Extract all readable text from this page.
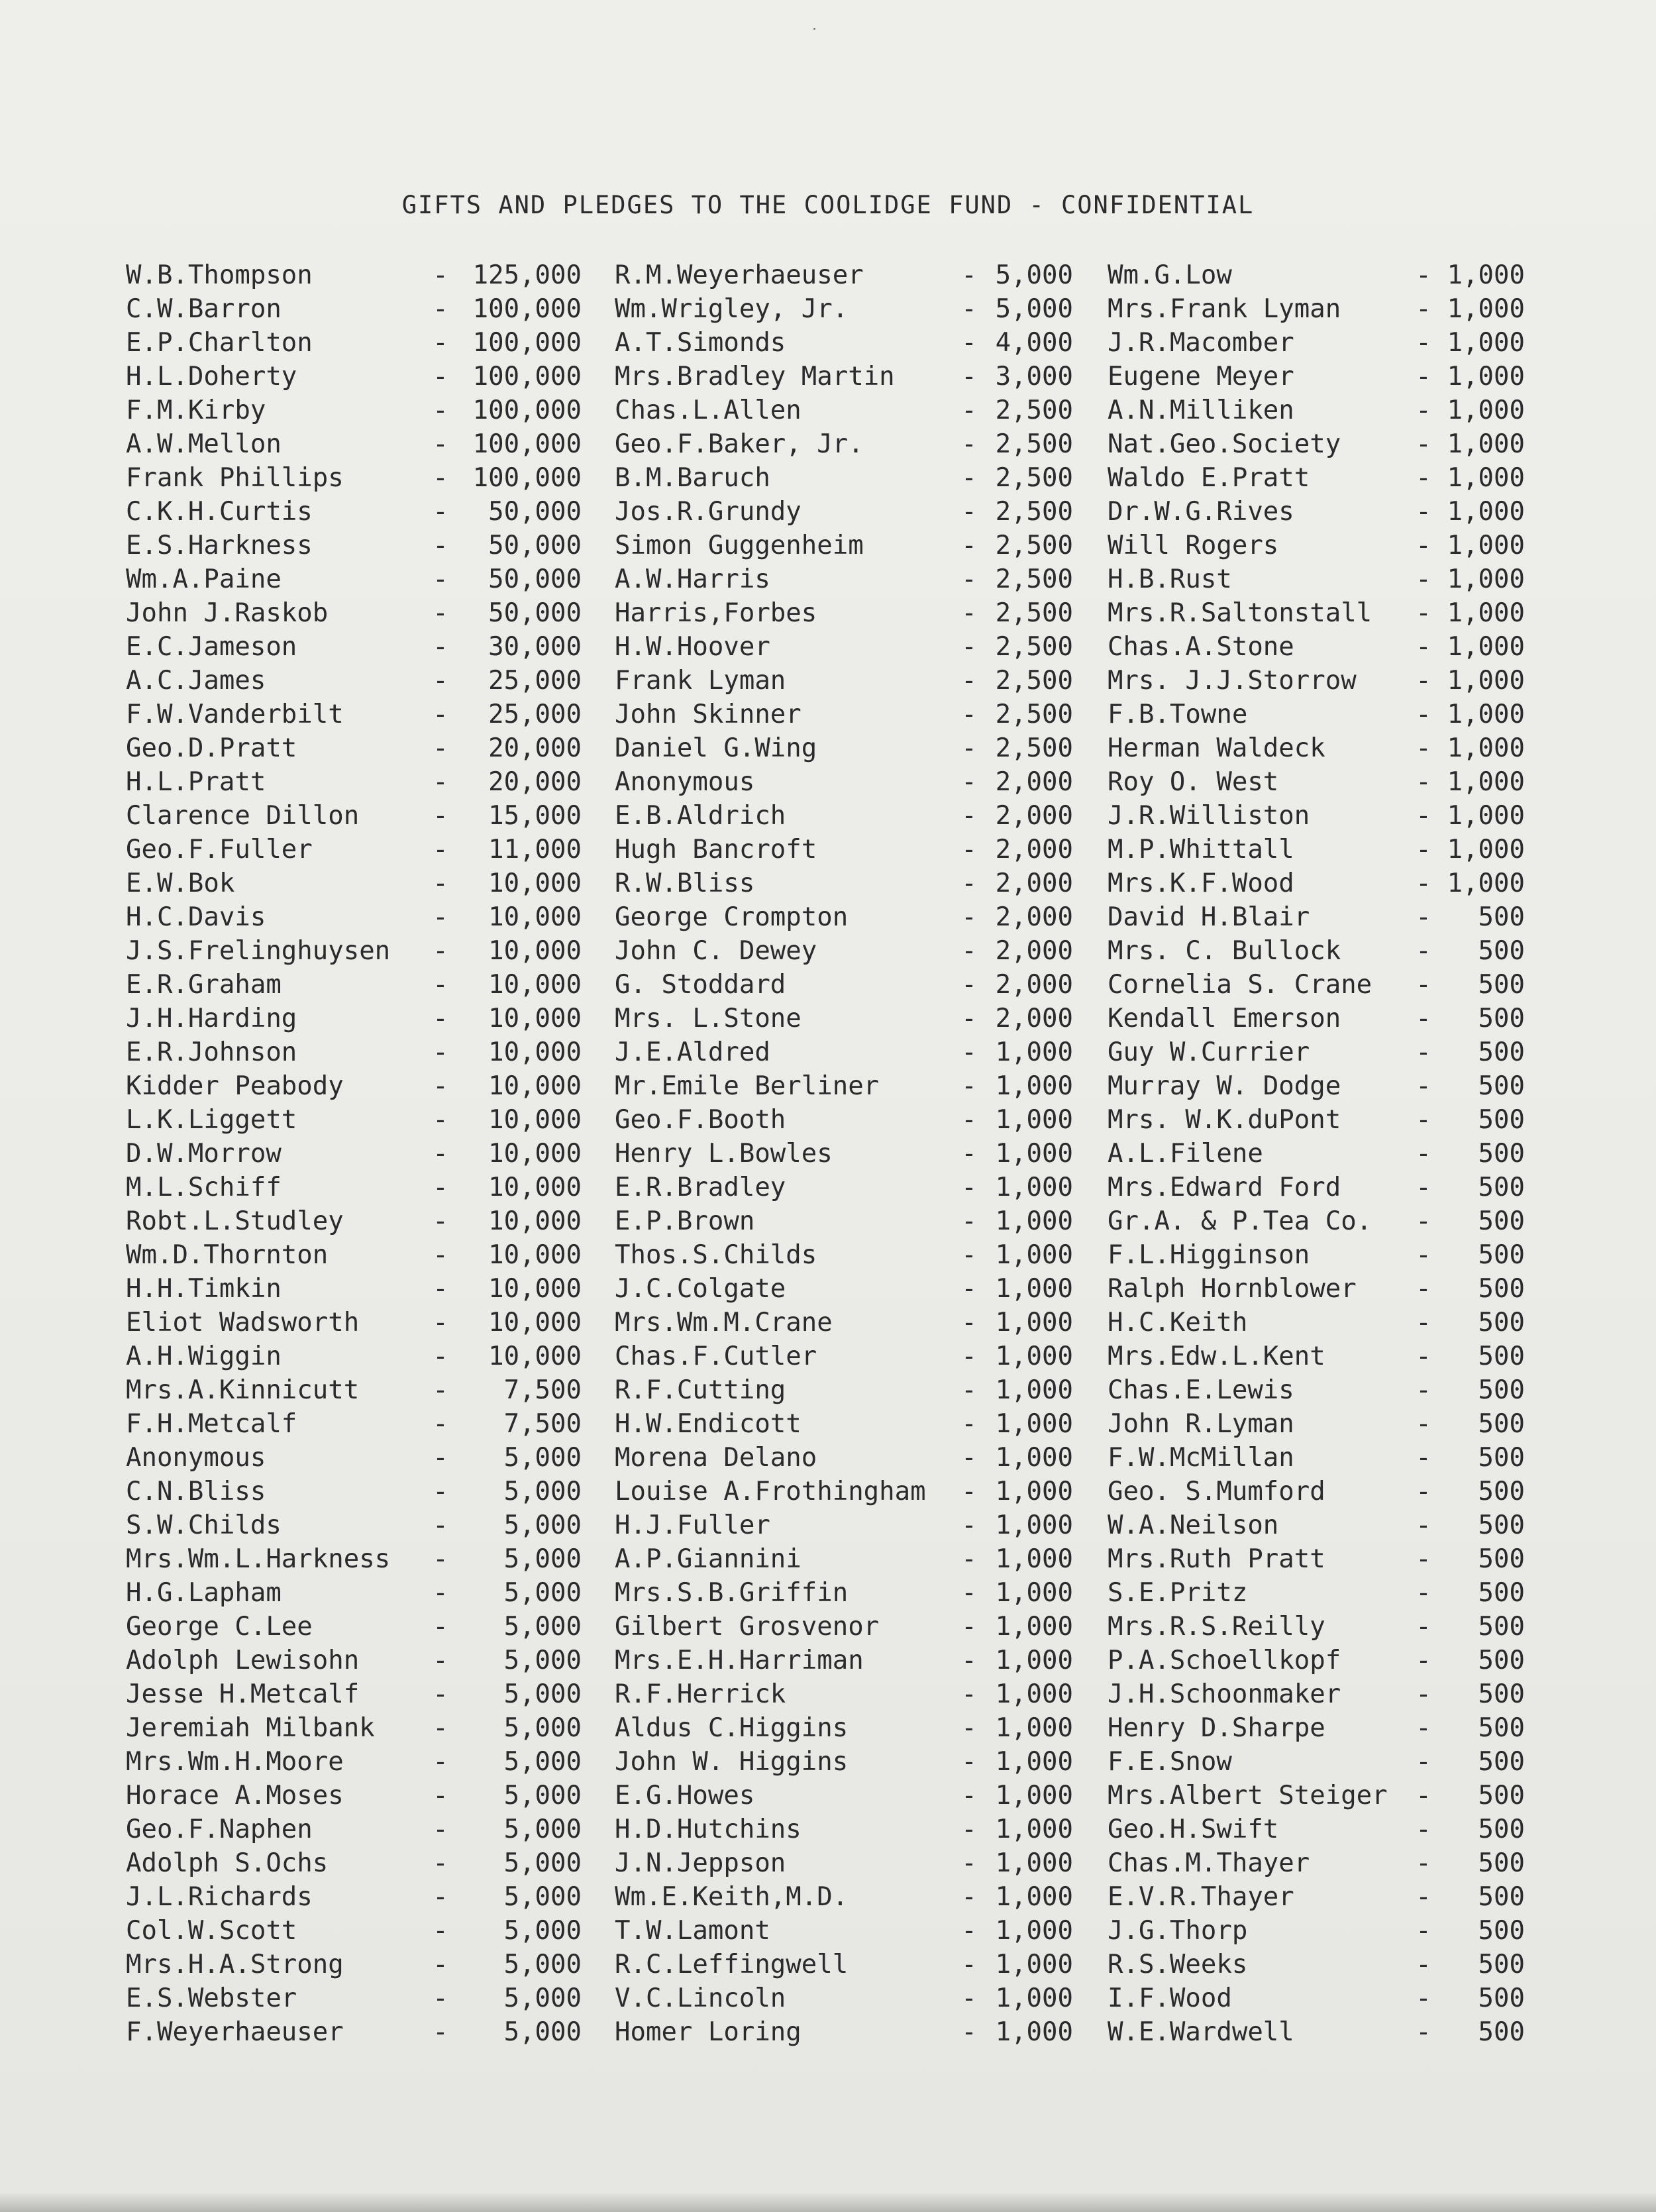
GIFTS AND PLEDGES TO THE COOLIDGE FUND - CONFIDENTIAL
W.B.Thompson	- 125,000
C.W.Barron	- 100,000
E.P.Charlton	- 100,000
H.L.Doherty	- 100,000
F.M.Kirby	- 100,000
A.W.Mellon	- 100,000
Frank Phillips	- 100,000
C.K.H.Curtis	-	50,000
E.S.Harkness	-	50,000
Wm.A.Paine	-	50,000
John J.Raskob	-	50,000
E.C.Jameson	-	30,000
A.C.James	-	25,000
F.W.Vanderbilt	-	25,000
Geo.D.Pratt	-	20,000
H.L.Pratt	-	20,000
Clarence Dillon	-	15,000
Geo.F.Fuller	-	11,000
E.W.Bok	-	10,000
H.C.Davis	-	10,000
J.S.Frelinghuysen -	10,000
E.R.Graham	-	10,000
J.H.Harding	-	10,000
E.R.Johnson	-	10,000
Kidder Peabody	-	10,000
L.K.Liggett	-	10,000
D.W.Morrow	-	10,000
M.L.Schiff	-	10,000
Robt.L.Studley	-	10,000
Wm.D.Thornton	-	10,000
H.H.Timkin	-	10,000
Eliot Wadsworth	-	10,000
A.H.Wiggin	-	10,000
Mrs.A.Kinnicutt	-	7,500
F.H.Metcalf	-	7,500
Anonymous	-	5,000
C.N.Bliss	-	5,000
S.W.Childs	-	5,000
Mrs.Wm.L.Harkness -	5,000
H.G.Lapham	-	5,000
George C.Lee	-	5,000
Adolph Lewisohn	-	5,000
Jesse H.Metcalf	-	5,000
Jeremiah Milbank -	5,000
Mrs.Wm.H.Moore	-	5,000
Horace A.Moses	-	5,000
Geo.F.Naphen	-	5,000
Adolph S.Ochs	-	5,000
J.L.Richards	-	5,000
Col.W.Scott	-	5,000
Mrs.H.A.Strong	-	5,000
E.S.Webster	-	5,000
F.Weyerhaeuser	-	5,000
R.M.Weyerhaeuser	- 5,000
Wm.Wrigley, Jr.	- 5,000
A.T.Simonds	- 4,000
Mrs.Bradley Martin	- 3,000
Chas.L.Allen	- 2,500
Geo.F.Baker, Jr.	- 2,500
B.M.Baruch	- 2,500
Jos.R.Grundy	- 2,500
Simon Guggenheim	- 2,500
A.W.Harris	- 2,500
Harris,Forbes	- 2,500
H.W.Hoover	- 2,500
Frank Lyman	- 2,500
John Skinner	- 2,500
Daniel G.Wing	- 2,500
Anonymous	- 2,000
E.B.Aldrich	- 2,000
Hugh Bancroft	- 2,000
R.W.Bliss	- 2,000
George Crompton	- 2,000
John C. Dewey	- 2,000
G. Stoddard	- 2,000
Mrs. L.Stone	- 2,000
J.E.Aldred	- 1,000
Mr.Emile Berliner	- 1,000
Geo.F.Booth	- 1,000
Henry L.Bowles	- 1,000
E.R.Bradley	- 1,000
E.P.Brown	- 1,000
Thos.S.Childs	- 1,000
J.C.Colgate	- 1,000
Mrs.Wm.M.Crane	- 1,000
Chas.F.Cutler	- 1,000
R.F.Cutting	- 1,000
H.W.Endicott	- 1,000
Morena Delano	- 1,000
Louise A.Frothingham - 1,000
H.J.Fuller	- 1,000
A.P.Giannini	- 1,000
Mrs.S.B.Griffin	- 1,000
Gilbert Grosvenor	- 1,000
Mrs.E.H.Harriman	- 1,000
R.F.Herrick	- 1,000
Aldus C.Higgins	- 1,000
John W. Higgins	- 1,000
E.G.Howes	- 1,000
H.D.Hutchins	- 1,000
J.N.Jeppson	- 1,000
Wm.E.Keith,M.D.	- 1,000
T.W.Lamont	- 1,000
R.C.Leffingwell	- 1,000
V.C.Lincoln	- 1,000
Homer Loring	- 1,000
Wm.G.Low	- 1,000
Mrs.Frank Lyman	- 1,000
J.R.Macomber	- 1,000
Eugene Meyer	- 1,000
A.N.Milliken	- 1,000
Nat.Geo.Society	- 1,000
Waldo E.Pratt	- 1,000
Dr.W.G.Rives	- 1,000
Will Rogers	- 1,000
H.B.Rust	- 1,000
Mrs.R.Saltonstall - 1,000
Chas.A.Stone	- 1,000
Mrs. J.J.Storrow - 1,000
F.B.Towne	- 1,000
Herman Waldeck	- 1,000
Roy O. West	- 1,000
J.R.Williston	- 1,000
M.P.Whittall	- 1,000
Mrs.K.F.Wood	- 1,000
David H.Blair	-	500
Mrs. C. Bullock	-	500
Cornelia S. Crane -	500
Kendall Emerson	-	500
Guy W.Currier	-	500
Murray W. Dodge	-	500
Mrs. W.K.duPont	-	500
A.L.Filene	-	500
Mrs.Edward Ford	-	500
Gr.A. & P.Tea Co. -	500
F.L.Higginson	-	500
Ralph Hornblower -	500
H.C.Keith	-	500
Mrs.Edw.L.Kent	-	500
Chas.E.Lewis	-	500
John R.Lyman	-	500
F.W.McMillan	-	500
Geo. S.Mumford	-	500
W.A.Neilson	-	500
Mrs.Ruth Pratt	-	500
S.E.Pritz	-	500
Mrs.R.S.Reilly	-	500
P.A.Schoellkopf	-	500
J.H.Schoonmaker	-	500
Henry D.Sharpe	-	500
F.E.Snow	-	500
Mrs.Albert Steiger -	500
Geo.H.Swift	-	500
Chas.M.Thayer	-	500
E.V.R.Thayer	-	500
J.G.Thorp	-	500
R.S.Weeks	-	500
I.F.Wood	-	500
W.E.Wardwell	-	500
